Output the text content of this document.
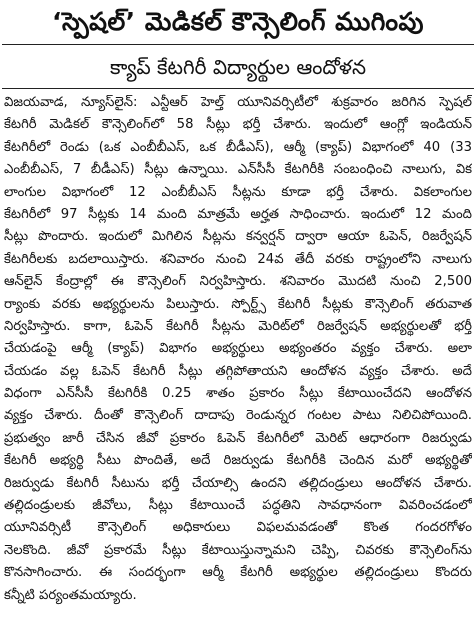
‘స్పెషల్’ మెడికల్ కౌన్సెలింగ్ ముగింపు
క్యాప్ కేటగిరీ విద్యార్థుల ఆందోళన
విజయవాడ, న్యూస్‌లైన్: ఎన్టీఆర్ హెల్త్ యూనివర్సిటీలో శుక్రవారం జరిగిన స్పెషల్
కేటగిరీ మెడికల్ కౌన్సెలింగ్‌లో 58 సీట్లు భర్తీ చేశారు. ఇందులో ఆంగ్లో ఇండియన్
కేటగిరీలో రెండు (ఒక ఎంబీబీఎస్, ఒక బీడీఎస్), ఆర్మీ (క్యాప్) విభాగంలో 40 (33
ఎంబీబీఎస్, 7 బీడీఎస్) సీట్లు ఉన్నాయి. ఎన్‌సీసీ కేటగిరీకి సంబంధించి నాలుగు, విక
లాంగుల విభాగంలో 12 ఎంబీబీఎస్ సీట్లను కూడా భర్తీ చేశారు. వికలాంగుల
కేటగిరీలో 97 సీట్లకు 14 మంది మాత్రమే అర్హత సాధించారు. ఇందులో 12 మంది
సీట్లు పొందారు. ఇందులో మిగిలిన సీట్లను కన్వర్షన్ ద్వారా ఆయా ఓపెన్, రిజర్వేషన్
కేటగిరీలకు బదలాయిస్తారు. శనివారం నుంచి 24వ తేదీ వరకు రాష్ట్రంలోని నాలుగు
ఆన్‌లైన్ కేంద్రాల్లో ఈ కౌన్సెలింగ్ నిర్వహిస్తారు. శనివారం మొదటి నుంచి 2,500
ర్యాంకు వరకు అభ్యర్థులను పిలుస్తారు. స్పోర్ట్స్ కేటగిరీ సీట్లకు కౌన్సెలింగ్ తరువాత
నిర్వహిస్తారు. కాగా, ఓపెన్ కేటగిరీ సీట్లను మెరిట్‌లో రిజర్వేషన్ అభ్యర్థులతో భర్తీ
చేయడంపై ఆర్మీ (క్యాప్) విభాగం అభ్యర్థులు అభ్యంతరం వ్యక్తం చేశారు. అలా
చేయడం వల్ల ఓపెన్ కేటగిరీ సీట్లు తగ్గిపోతాయని ఆందోళన వ్యక్తం చేశారు. అదే
విధంగా ఎన్‌సీసీ కేటగిరీకి 0.25 శాతం ప్రకారం సీట్లు కేటాయించేదని ఆందోళన
వ్యక్తం చేశారు. దీంతో కౌన్సెలింగ్ దాదాపు రెండున్నర గంటల పాటు నిలిచిపోయింది.
ప్రభుత్వం జారీ చేసిన జీవో ప్రకారం ఓపెన్ కేటగిరీలో మెరిట్ ఆధారంగా రిజర్వుడు
కేటగిరీ అభ్యర్థి సీటు పొందితే, అదే రిజర్వుడు కేటగిరీకి చెందిన మరో అభ్యర్థితో
రిజర్వుడు కేటగిరీ సీటును భర్తీ చేయాల్సి ఉందని తల్లిదండ్రులు ఆందోళన చేశారు.
తల్లిదండ్రులకు జీవోలు, సీట్లు కేటాయించే పద్ధతిని సావధానంగా వివరించడంలో
యూనివర్సిటీ కౌన్సెలింగ్ అధికారులు విఫలమవడంతో కొంత గందరగోళం
నెలకొంది. జీవో ప్రకారమే సీట్లు కేటాయిస్తున్నామని చెప్పి, చివరకు కౌన్సెలింగ్‌ను
కొనసాగించారు. ఈ సందర్భంగా ఆర్మీ కేటగిరీ అభ్యర్థుల తల్లిదండ్రులు కొందరు
కన్నీటి పర్యంతమయ్యారు.
